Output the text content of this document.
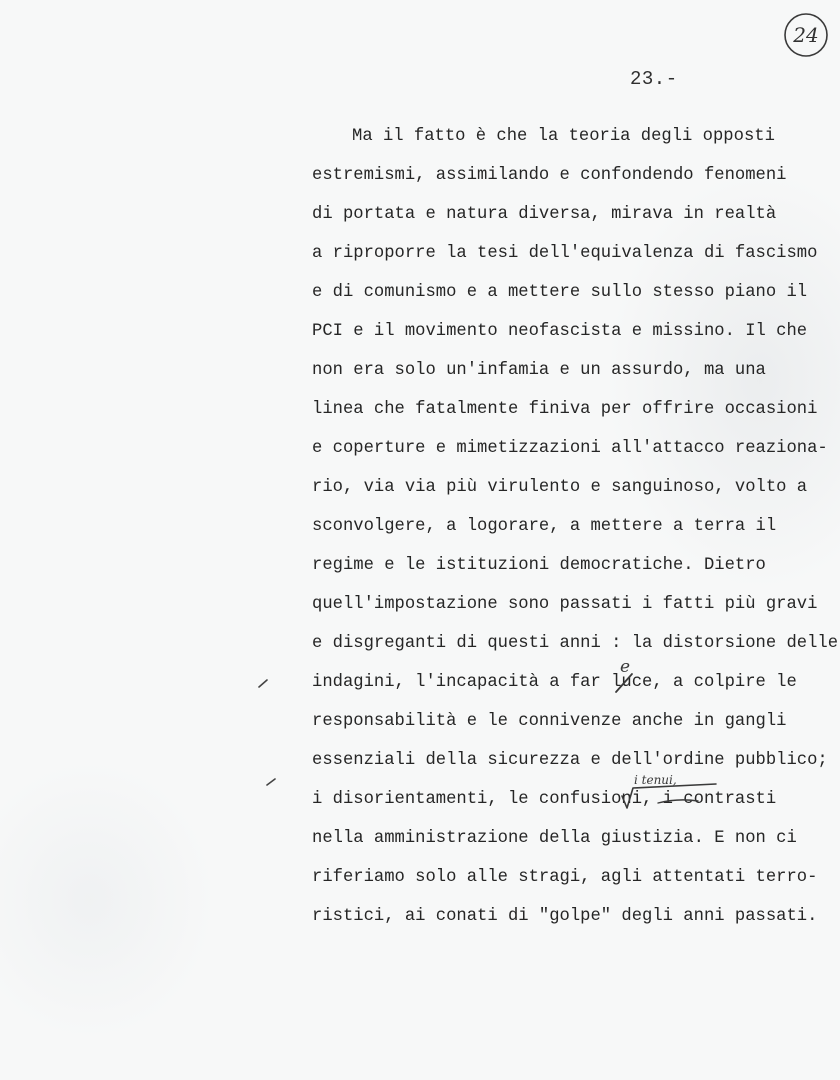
24
23.-
Ma il fatto è che la teoria degli opposti
estremismi, assimilando e confondendo fenomeni
di portata e natura diversa, mirava in realtà
a riproporre la tesi dell'equivalenza di fascismo
e di comunismo e a mettere sullo stesso piano il
PCI e il movimento neofascista e missino. Il che
non era solo un'infamia e un assurdo, ma una
linea che fatalmente finiva per offrire occasioni
e coperture e mimetizzazioni all'attacco reaziona-
rio, via via più virulento e sanguinoso, volto a
sconvolgere, a logorare, a mettere a terra il
regime e le istituzioni democratiche. Dietro
quell'impostazione sono passati i fatti più gravi
e disgreganti di questi anni : la distorsione delle
indagini, l'incapacità a far luce, a colpire le
responsabilità e le connivenze anche in gangli
essenziali della sicurezza e dell'ordine pubblico;
i disorientamenti, le confusioni, i contrasti
nella amministrazione della giustizia. E non ci
riferiamo solo alle stragi, agli attentati terro-
ristici, ai conati di "golpe" degli anni passati.
e
i tenui,
